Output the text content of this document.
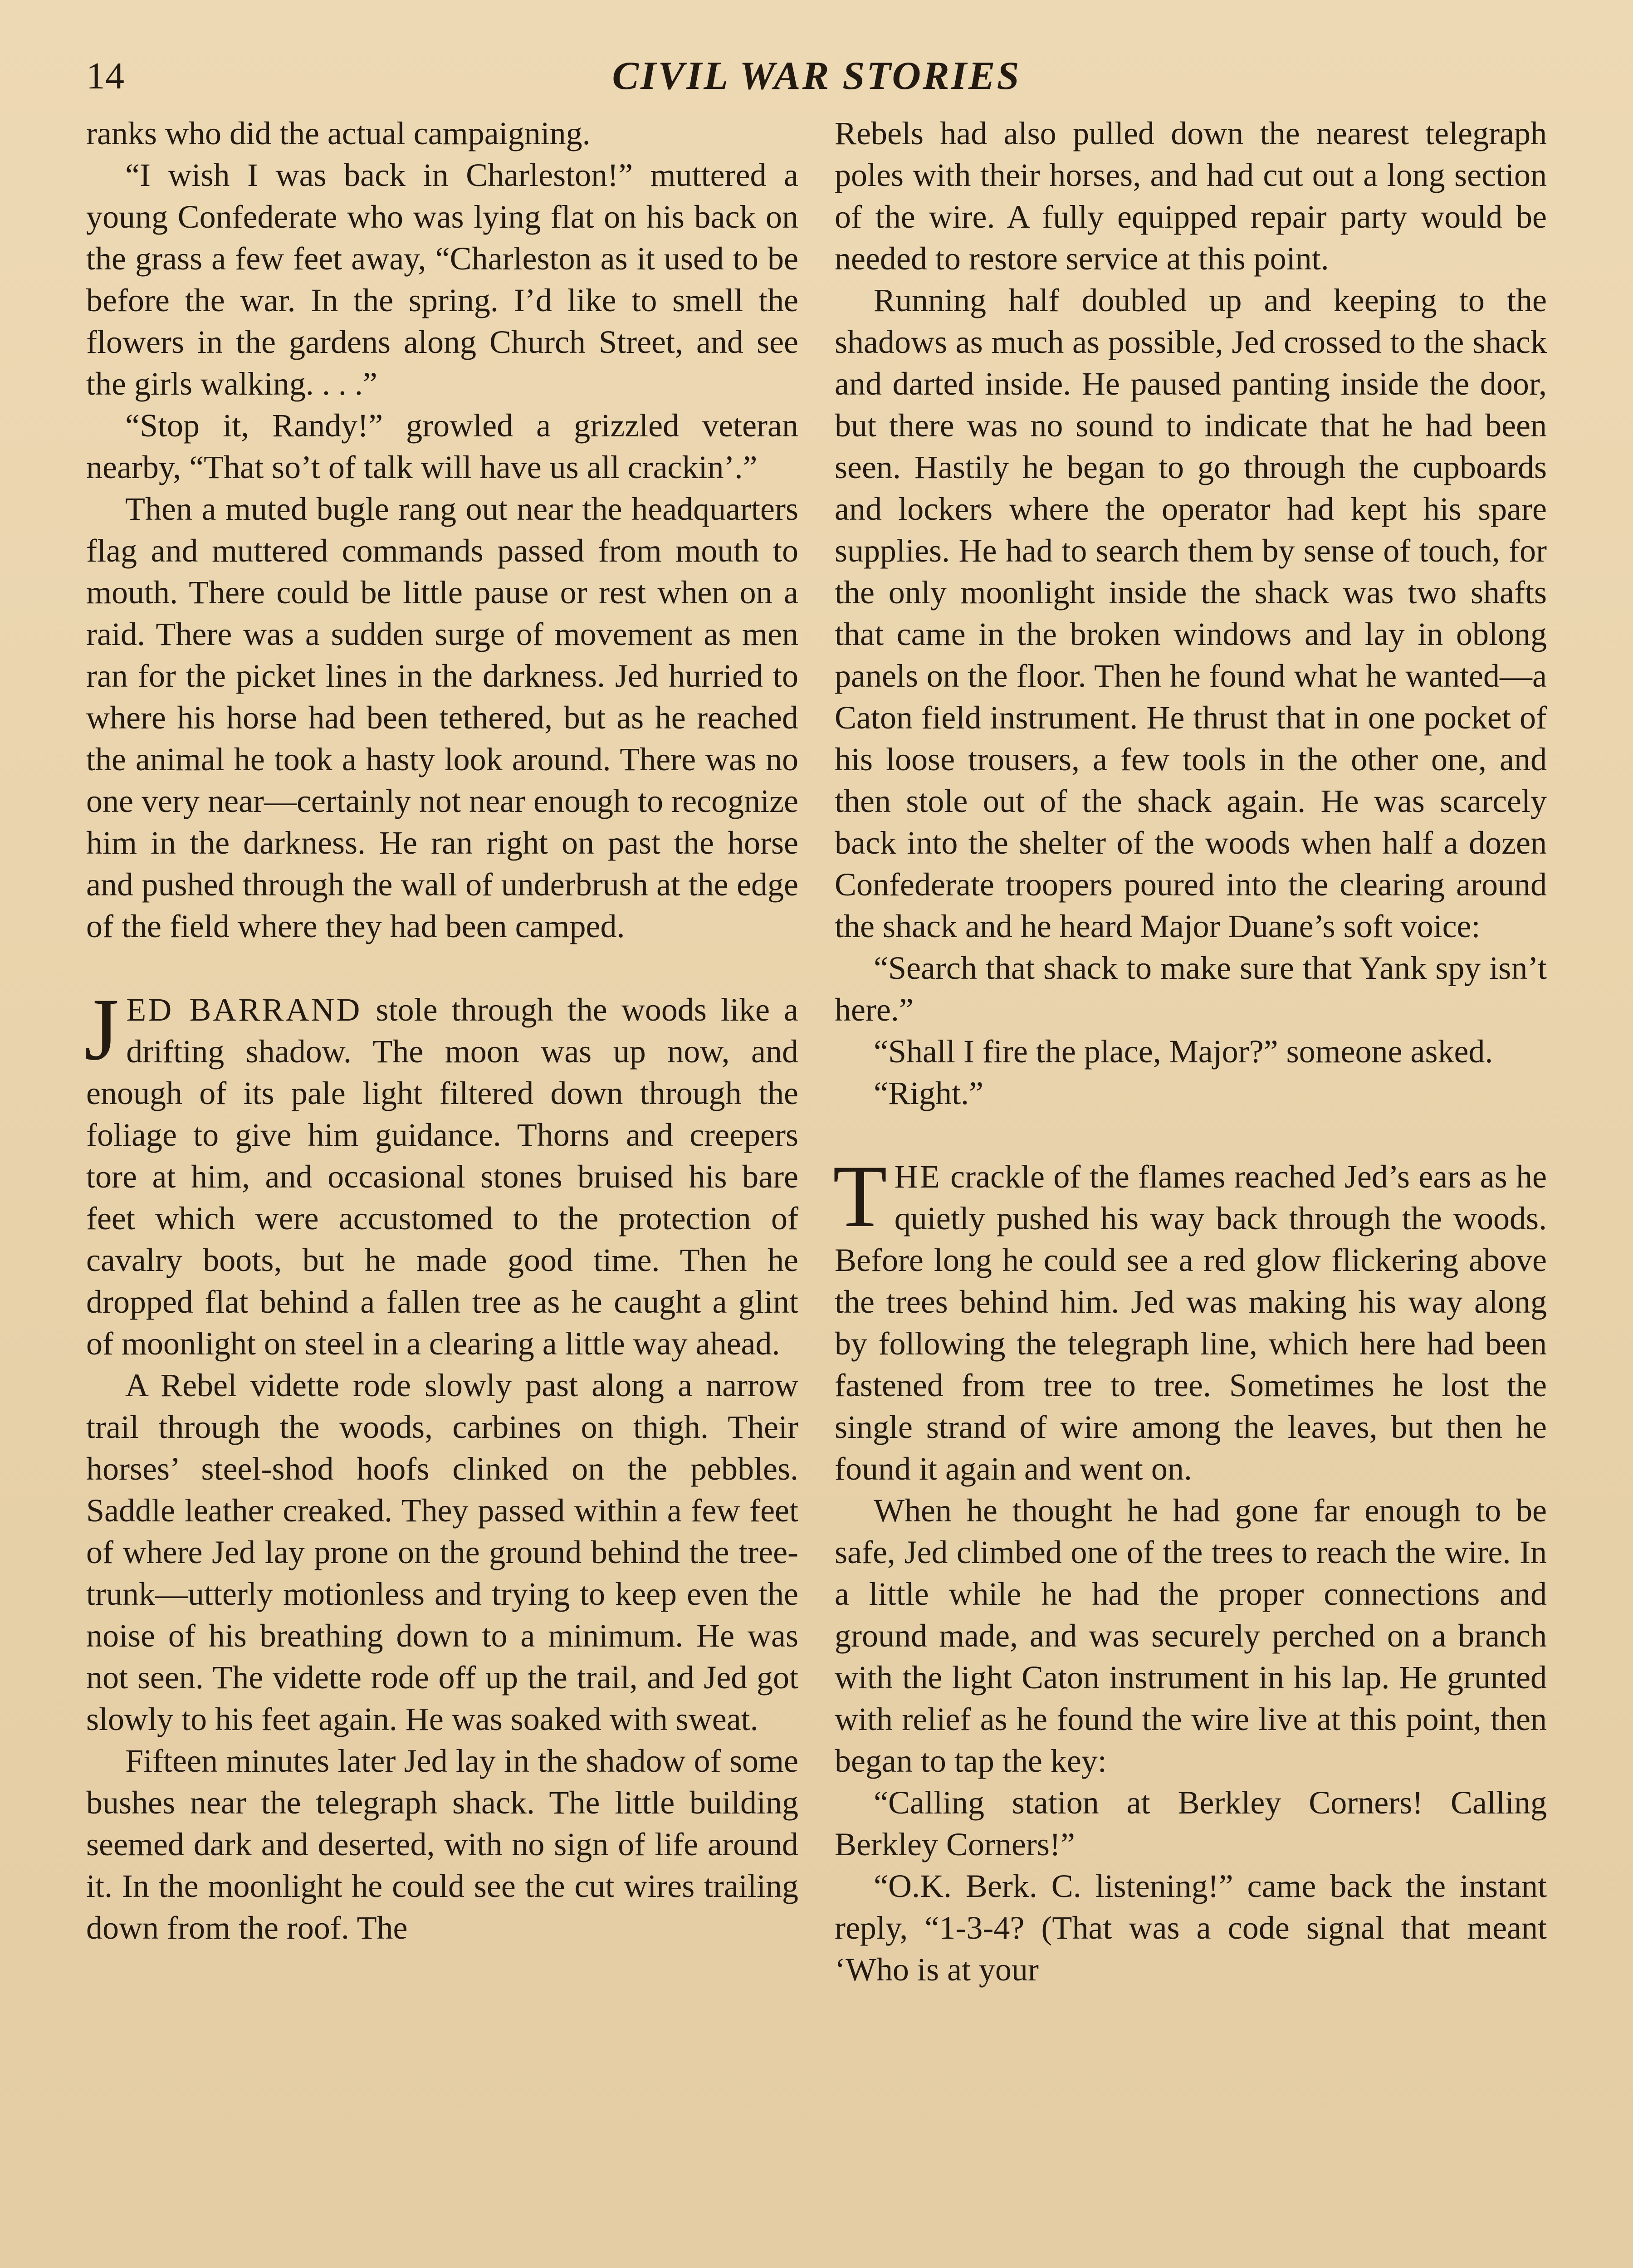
14	CIVIL WAR STORIES

ranks who did the actual campaigning.

“I wish I was back in Charleston!” muttered a young Confederate who was lying flat on his back on the grass a few feet away, “Charleston as it used to be before the war. In the spring. I’d like to smell the flowers in the gardens along Church Street, and see the girls walking. . . .”

“Stop it, Randy!” growled a grizzled veteran nearby, “That so’t of talk will have us all crackin’.”

Then a muted bugle rang out near the headquarters flag and muttered commands passed from mouth to mouth. There could be little pause or rest when on a raid. There was a sudden surge of movement as men ran for the picket lines in the darkness. Jed hurried to where his horse had been tethered, but as he reached the animal he took a hasty look around. There was no one very near—certainly not near enough to recognize him in the darkness. He ran right on past the horse and pushed through the wall of underbrush at the edge of the field where they had been camped.

JED BARRAND stole through the woods like a drifting shadow. The moon was up now, and enough of its pale light filtered down through the foliage to give him guidance. Thorns and creepers tore at him, and occasional stones bruised his bare feet which were accustomed to the protection of cavalry boots, but he made good time. Then he dropped flat behind a fallen tree as he caught a glint of moonlight on steel in a clearing a little way ahead.

A Rebel vidette rode slowly past along a narrow trail through the woods, carbines on thigh. Their horses’ steel-shod hoofs clinked on the pebbles. Saddle leather creaked. They passed within a few feet of where Jed lay prone on the ground behind the tree-trunk—utterly motionless and trying to keep even the noise of his breathing down to a minimum. He was not seen. The vidette rode off up the trail, and Jed got slowly to his feet again. He was soaked with sweat.

Fifteen minutes later Jed lay in the shadow of some bushes near the telegraph shack. The little building seemed dark and deserted, with no sign of life around it. In the moonlight he could see the cut wires trailing down from the roof. The

Rebels had also pulled down the nearest telegraph poles with their horses, and had cut out a long section of the wire. A fully equipped repair party would be needed to restore service at this point.

Running half doubled up and keeping to the shadows as much as possible, Jed crossed to the shack and darted inside. He paused panting inside the door, but there was no sound to indicate that he had been seen. Hastily he began to go through the cupboards and lockers where the operator had kept his spare supplies. He had to search them by sense of touch, for the only moonlight inside the shack was two shafts that came in the broken windows and lay in oblong panels on the floor. Then he found what he wanted—a Caton field instrument. He thrust that in one pocket of his loose trousers, a few tools in the other one, and then stole out of the shack again. He was scarcely back into the shelter of the woods when half a dozen Confederate troopers poured into the clearing around the shack and he heard Major Duane’s soft voice:

“Search that shack to make sure that Yank spy isn’t here.”

“Shall I fire the place, Major?” someone asked.

“Right.”

THE crackle of the flames reached Jed’s ears as he quietly pushed his way back through the woods. Before long he could see a red glow flickering above the trees behind him. Jed was making his way along by following the telegraph line, which here had been fastened from tree to tree. Sometimes he lost the single strand of wire among the leaves, but then he found it again and went on.

When he thought he had gone far enough to be safe, Jed climbed one of the trees to reach the wire. In a little while he had the proper connections and ground made, and was securely perched on a branch with the light Caton instrument in his lap. He grunted with relief as he found the wire live at this point, then began to tap the key:

“Calling station at Berkley Corners! Calling Berkley Corners!”

“O.K. Berk. C. listening!” came back the instant reply, “1-3-4? (That was a code signal that meant ‘Who is at your
